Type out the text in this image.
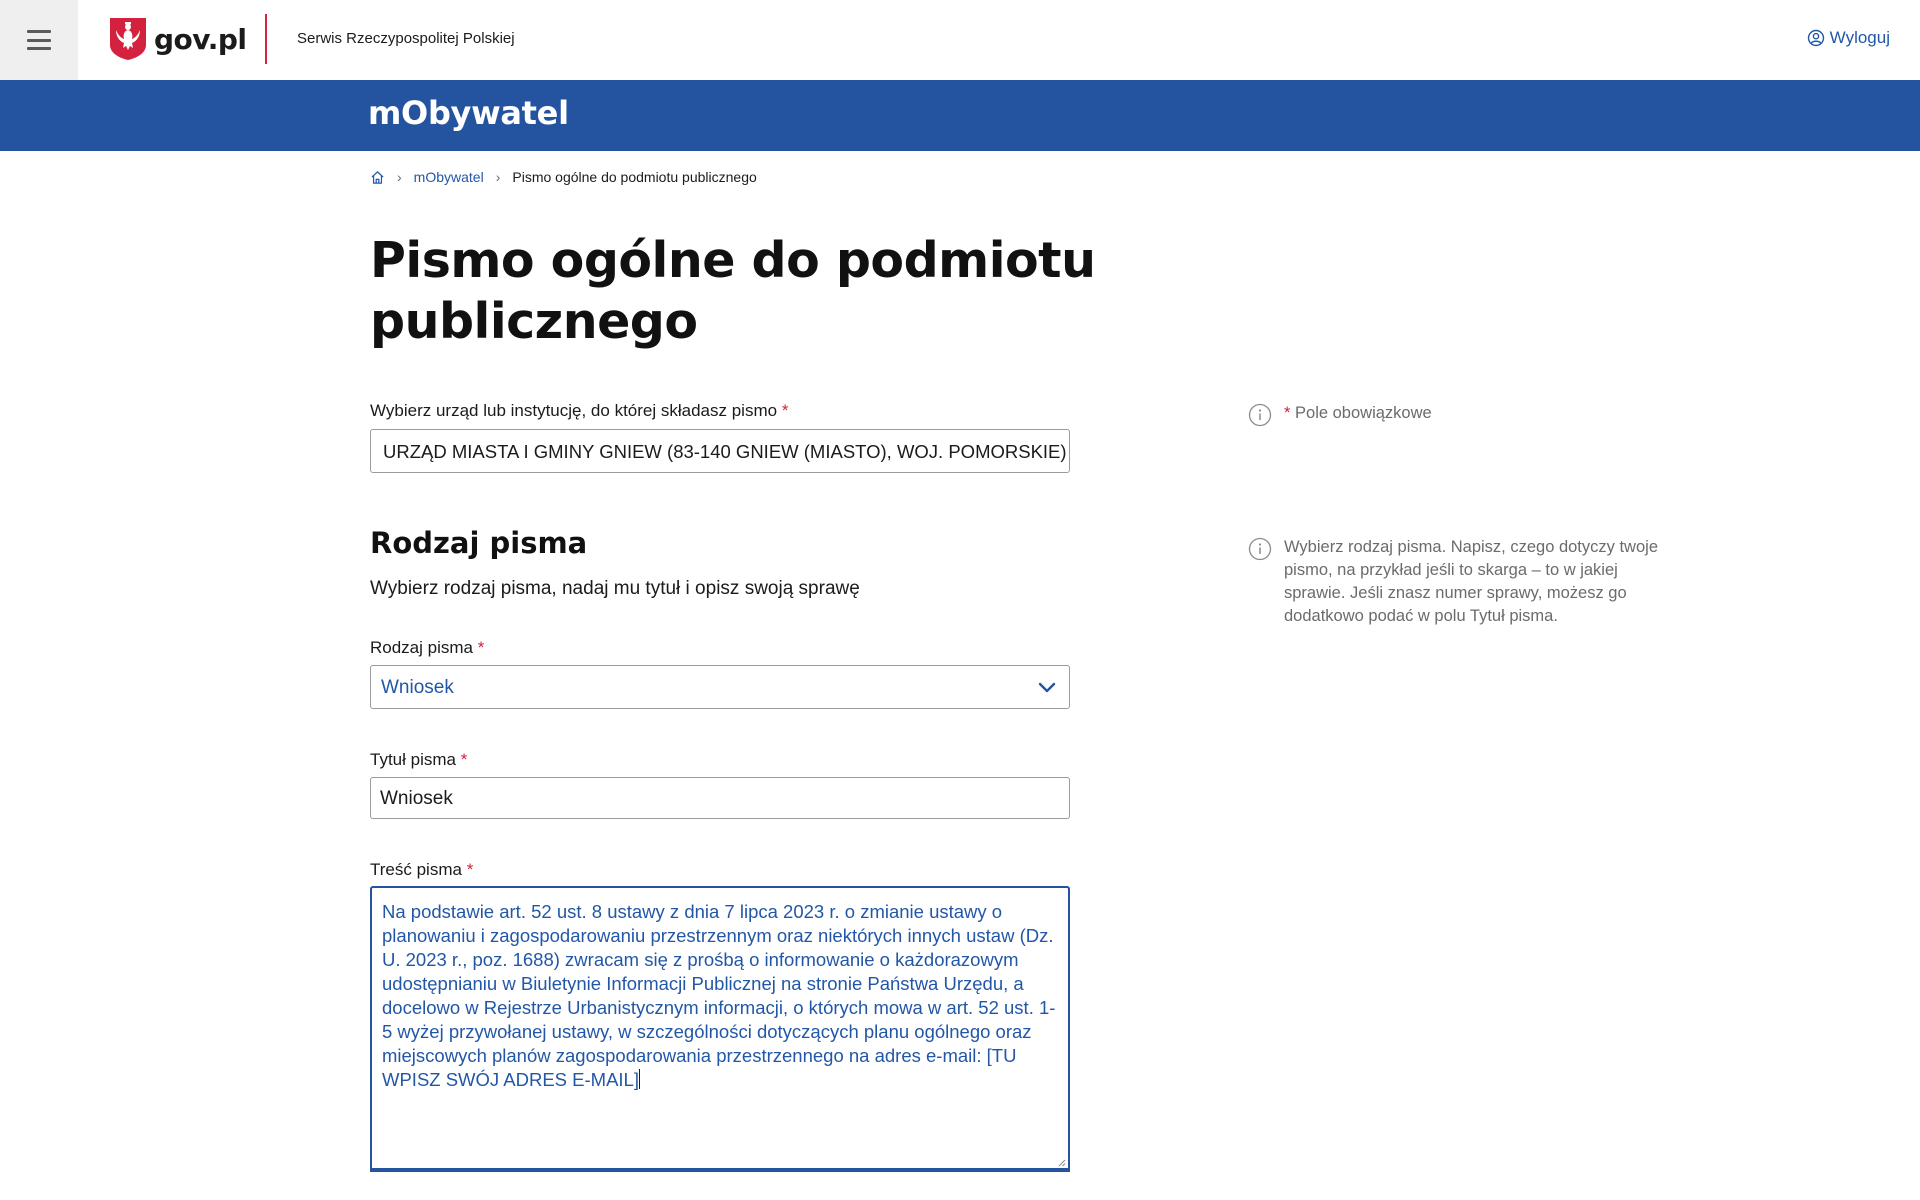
gov.pl	Serwis Rzeczypospolitej Polskiej	Wyloguj
mObywatel
› mObywatel › Pismo ogólne do podmiotu publicznego
Pismo ogólne do podmiotu publicznego
Wybierz urząd lub instytucję, do której składasz pismo *
URZĄD MIASTA I GMINY GNIEW (83-140 GNIEW (MIASTO), WOJ. POMORSKIE)
Rodzaj pisma
Wybierz rodzaj pisma, nadaj mu tytuł i opisz swoją sprawę
Rodzaj pisma *
Wniosek
Tytuł pisma *
Wniosek
Treść pisma *
Na podstawie art. 52 ust. 8 ustawy z dnia 7 lipca 2023 r. o zmianie ustawy o planowaniu i zagospodarowaniu przestrzennym oraz niektórych innych ustaw (Dz. U. 2023 r., poz. 1688) zwracam się z prośbą o informowanie o każdorazowym udostępnianiu w Biuletynie Informacji Publicznej na stronie Państwa Urzędu, a docelowo w Rejestrze Urbanistycznym informacji, o których mowa w art. 52 ust. 1-5 wyżej przywołanej ustawy, w szczególności dotyczących planu ogólnego oraz miejscowych planów zagospodarowania przestrzennego na adres e-mail: [TU WPISZ SWÓJ ADRES E-MAIL]
* Pole obowiązkowe
Wybierz rodzaj pisma. Napisz, czego dotyczy twoje pismo, na przykład jeśli to skarga – to w jakiej sprawie. Jeśli znasz numer sprawy, możesz go dodatkowo podać w polu Tytuł pisma.
